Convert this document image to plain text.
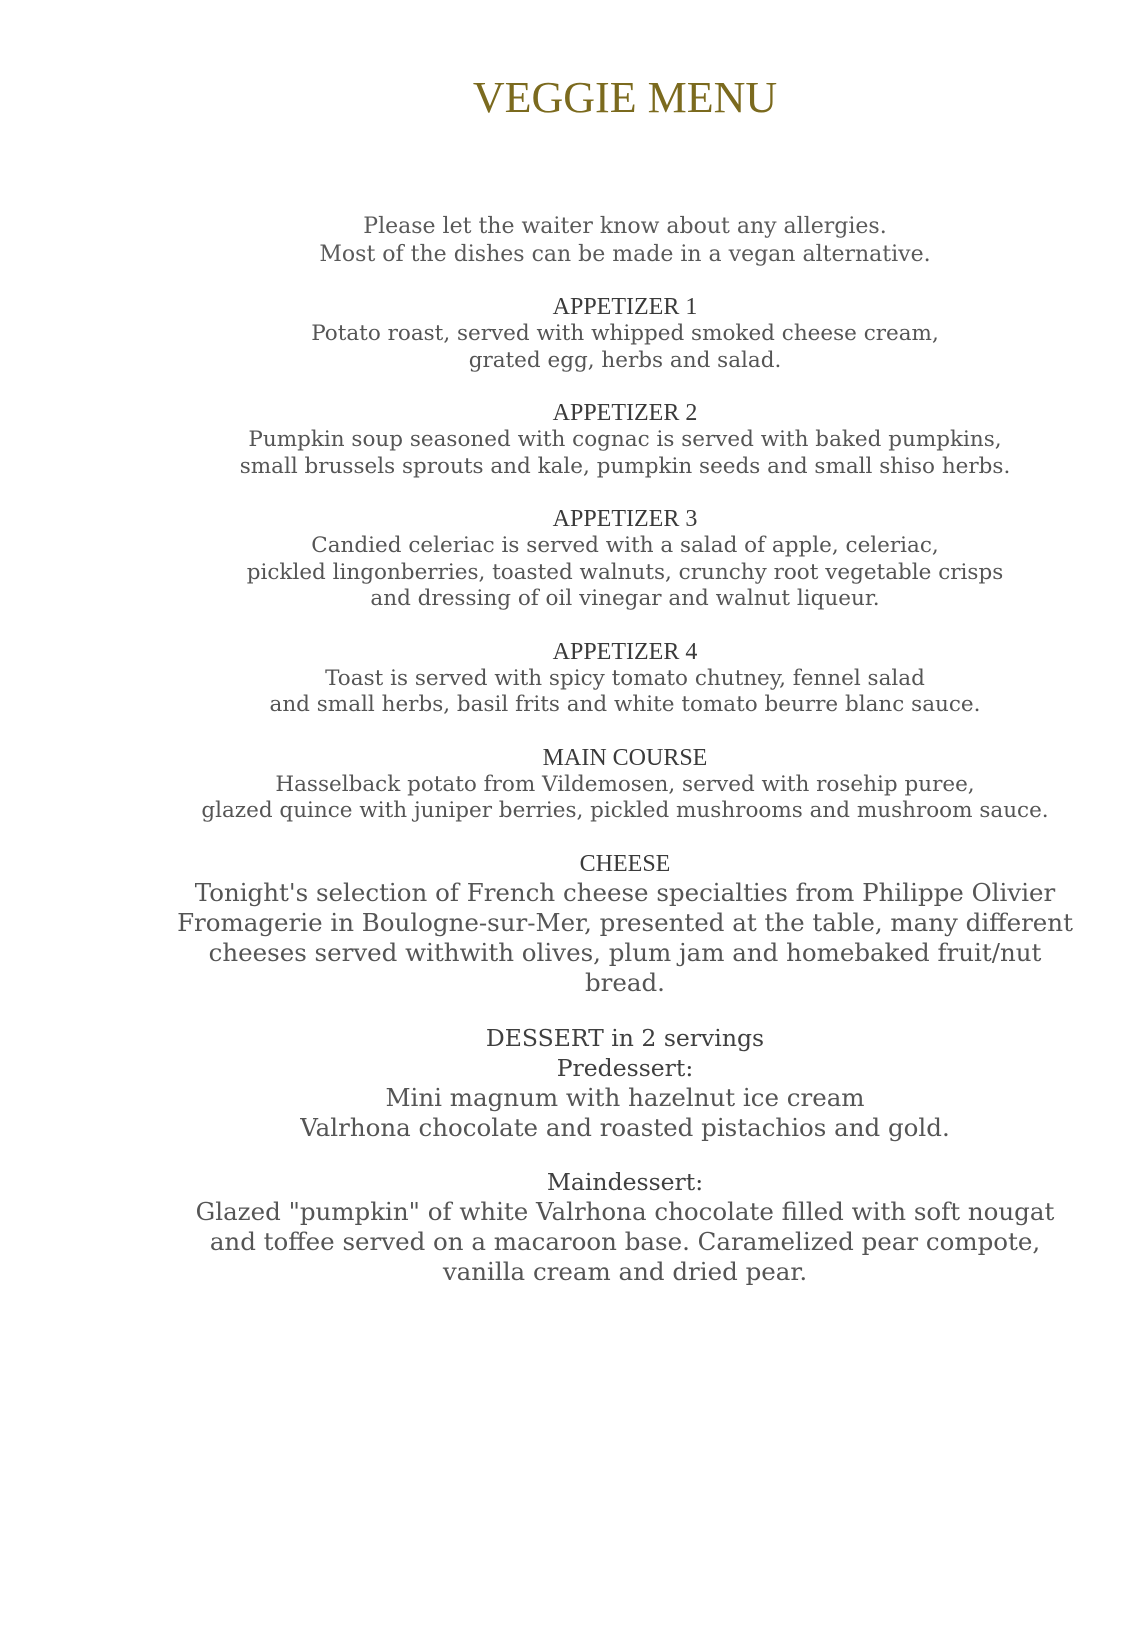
VEGGIE MENU
Please let the waiter know about any allergies.
Most of the dishes can be made in a vegan alternative.
APPETIZER 1
Potato roast, served with whipped smoked cheese cream,
grated egg, herbs and salad.
APPETIZER 2
Pumpkin soup seasoned with cognac is served with baked pumpkins,
small brussels sprouts and kale, pumpkin seeds and small shiso herbs.
APPETIZER 3
Candied celeriac is served with a salad of apple, celeriac,
pickled lingonberries, toasted walnuts, crunchy root vegetable crisps
and dressing of oil vinegar and walnut liqueur.
APPETIZER 4
Toast is served with spicy tomato chutney, fennel salad
and small herbs, basil frits and white tomato beurre blanc sauce.
MAIN COURSE
Hasselback potato from Vildemosen, served with rosehip puree,
glazed quince with juniper berries, pickled mushrooms and mushroom sauce.
CHEESE
Tonight's selection of French cheese specialties from Philippe Olivier
Fromagerie in Boulogne-sur-Mer, presented at the table, many different
cheeses served withwith olives, plum jam and homebaked fruit/nut
bread.
DESSERT in 2 servings
Predessert:
Mini magnum with hazelnut ice cream
Valrhona chocolate and roasted pistachios and gold.
Maindessert:
Glazed "pumpkin" of white Valrhona chocolate filled with soft nougat
and toffee served on a macaroon base. Caramelized pear compote,
vanilla cream and dried pear.
